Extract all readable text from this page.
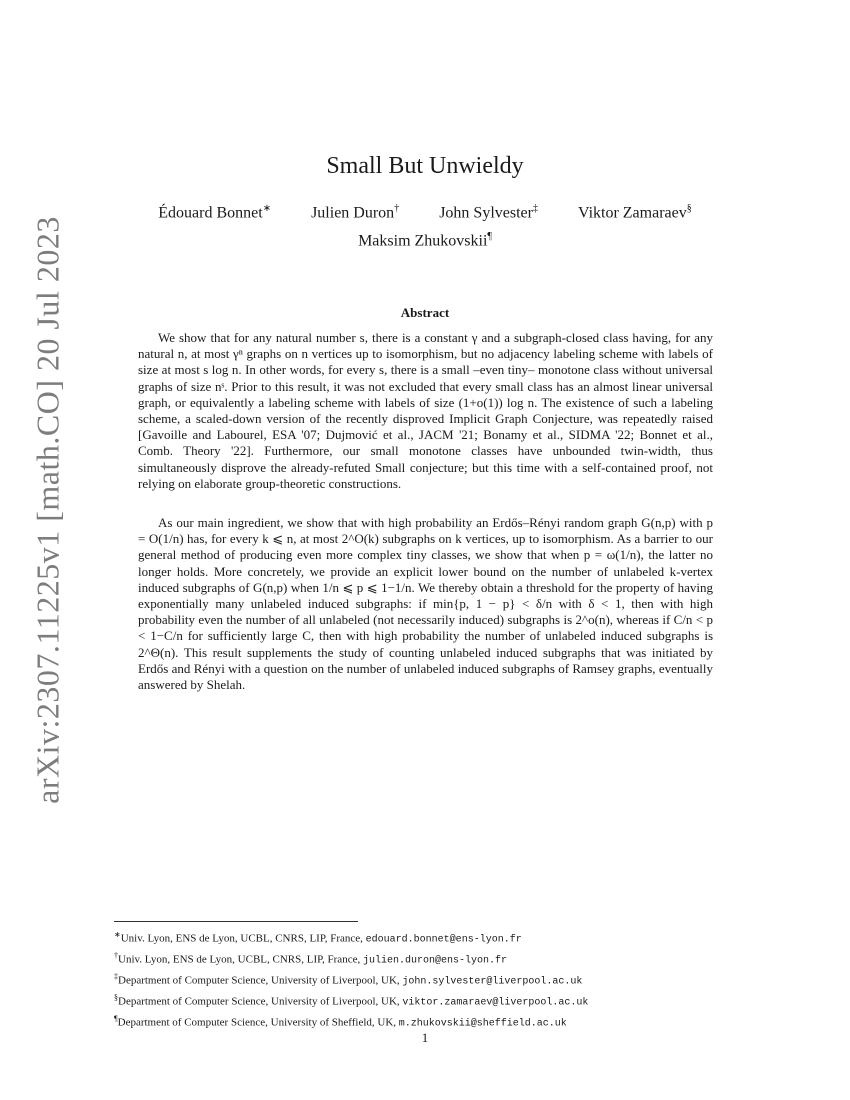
arXiv:2307.11225v1 [math.CO] 20 Jul 2023
Small But Unwieldy
Édouard Bonnet∗	Julien Duron†	John Sylvester‡	Viktor Zamaraev§
Maksim Zhukovskii¶
Abstract

We show that for any natural number s, there is a constant γ and a subgraph-closed class having, for any natural n, at most γⁿ graphs on n vertices up to isomorphism, but no adjacency labeling scheme with labels of size at most s log n. In other words, for every s, there is a small –even tiny– monotone class without universal graphs of size nˢ. Prior to this result, it was not excluded that every small class has an almost linear universal graph, or equivalently a labeling scheme with labels of size (1+o(1)) log n. The existence of such a labeling scheme, a scaled-down version of the recently disproved Implicit Graph Conjecture, was repeatedly raised [Gavoille and Labourel, ESA '07; Dujmović et al., JACM '21; Bonamy et al., SIDMA '22; Bonnet et al., Comb. Theory '22]. Furthermore, our small monotone classes have unbounded twin-width, thus simultaneously disprove the already-refuted Small conjecture; but this time with a self-contained proof, not relying on elaborate group-theoretic constructions.

As our main ingredient, we show that with high probability an Erdős–Rényi random graph G(n,p) with p = O(1/n) has, for every k ⩽ n, at most 2^O(k) subgraphs on k vertices, up to isomorphism. As a barrier to our general method of producing even more complex tiny classes, we show that when p = ω(1/n), the latter no longer holds. More concretely, we provide an explicit lower bound on the number of unlabeled k-vertex induced subgraphs of G(n,p) when 1/n ⩽ p ⩽ 1−1/n. We thereby obtain a threshold for the property of having exponentially many unlabeled induced subgraphs: if min{p, 1 − p} < δ/n with δ < 1, then with high probability even the number of all unlabeled (not necessarily induced) subgraphs is 2^o(n), whereas if C/n < p < 1−C/n for sufficiently large C, then with high probability the number of unlabeled induced subgraphs is 2^Θ(n). This result supplements the study of counting unlabeled induced subgraphs that was initiated by Erdős and Rényi with a question on the number of unlabeled induced subgraphs of Ramsey graphs, eventually answered by Shelah.

∗Univ. Lyon, ENS de Lyon, UCBL, CNRS, LIP, France, edouard.bonnet@ens-lyon.fr
†Univ. Lyon, ENS de Lyon, UCBL, CNRS, LIP, France, julien.duron@ens-lyon.fr
‡Department of Computer Science, University of Liverpool, UK, john.sylvester@liverpool.ac.uk
§Department of Computer Science, University of Liverpool, UK, viktor.zamaraev@liverpool.ac.uk
¶Department of Computer Science, University of Sheffield, UK, m.zhukovskii@sheffield.ac.uk
1
